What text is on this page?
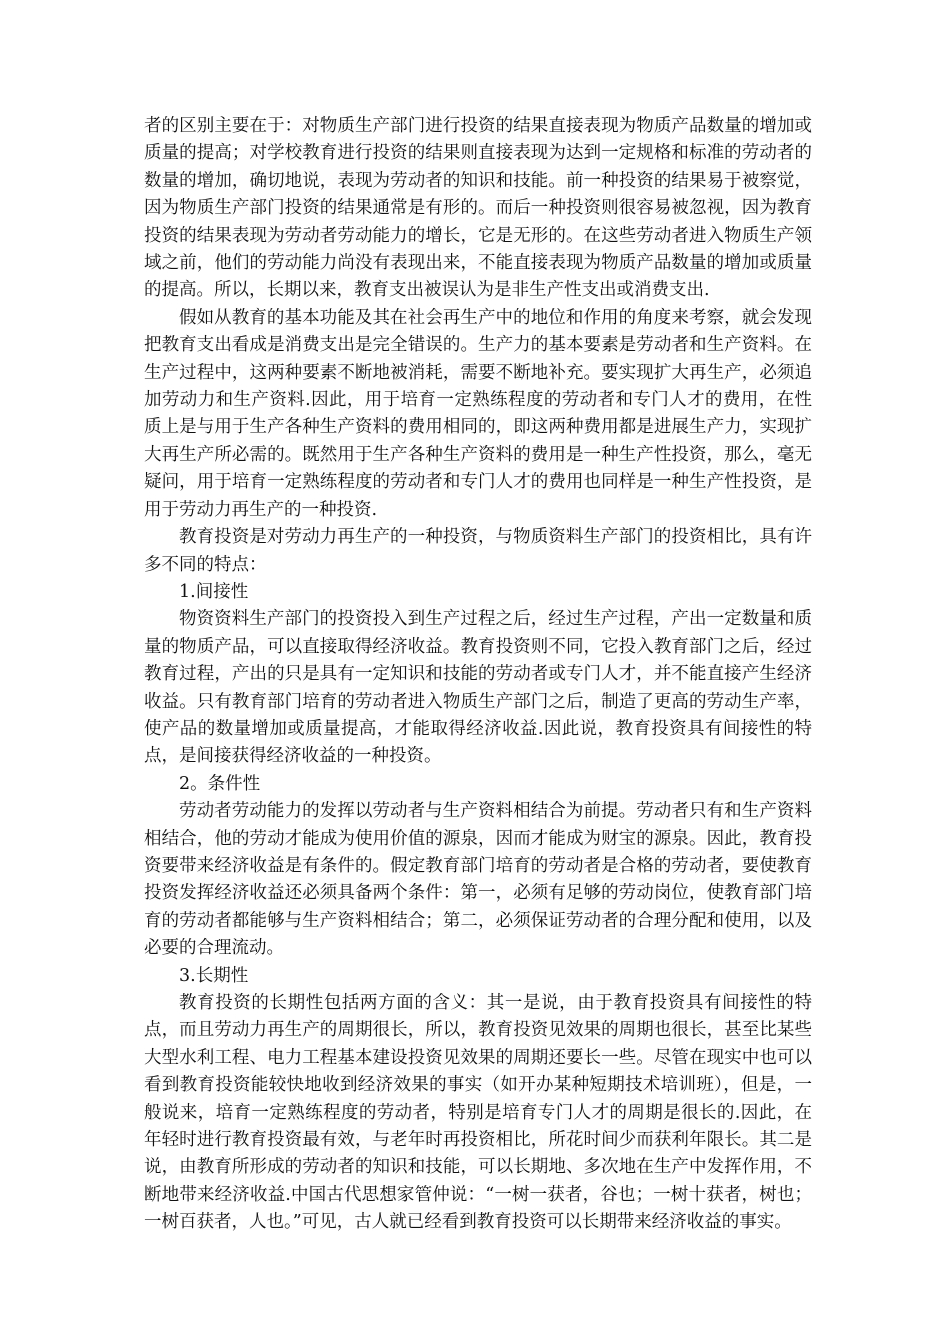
者的区别主要在于：对物质生产部门进行投资的结果直接表现为物质产品数量的增加或质量的提高；对学校教育进行投资的结果则直接表现为达到一定规格和标准的劳动者的数量的增加，确切地说，表现为劳动者的知识和技能。前一种投资的结果易于被察觉，因为物质生产部门投资的结果通常是有形的。而后一种投资则很容易被忽视，因为教育投资的结果表现为劳动者劳动能力的增长，它是无形的。在这些劳动者进入物质生产领域之前，他们的劳动能力尚没有表现出来，不能直接表现为物质产品数量的增加或质量的提高。所以，长期以来，教育支出被误认为是非生产性支出或消费支出.

假如从教育的基本功能及其在社会再生产中的地位和作用的角度来考察，就会发现把教育支出看成是消费支出是完全错误的。生产力的基本要素是劳动者和生产资料。在生产过程中，这两种要素不断地被消耗，需要不断地补充。要实现扩大再生产，必须追加劳动力和生产资料.因此，用于培育一定熟练程度的劳动者和专门人才的费用，在性质上是与用于生产各种生产资料的费用相同的，即这两种费用都是进展生产力，实现扩大再生产所必需的。既然用于生产各种生产资料的费用是一种生产性投资，那么，毫无疑问，用于培育一定熟练程度的劳动者和专门人才的费用也同样是一种生产性投资，是用于劳动力再生产的一种投资.

教育投资是对劳动力再生产的一种投资，与物质资料生产部门的投资相比，具有许多不同的特点：

1.间接性

物资资料生产部门的投资投入到生产过程之后，经过生产过程，产出一定数量和质量的物质产品，可以直接取得经济收益。教育投资则不同，它投入教育部门之后，经过教育过程，产出的只是具有一定知识和技能的劳动者或专门人才，并不能直接产生经济收益。只有教育部门培育的劳动者进入物质生产部门之后，制造了更高的劳动生产率，使产品的数量增加或质量提高，才能取得经济收益.因此说，教育投资具有间接性的特点，是间接获得经济收益的一种投资。

2。条件性

劳动者劳动能力的发挥以劳动者与生产资料相结合为前提。劳动者只有和生产资料相结合，他的劳动才能成为使用价值的源泉，因而才能成为财宝的源泉。因此，教育投资要带来经济收益是有条件的。假定教育部门培育的劳动者是合格的劳动者，要使教育投资发挥经济收益还必须具备两个条件：第一，必须有足够的劳动岗位，使教育部门培育的劳动者都能够与生产资料相结合；第二，必须保证劳动者的合理分配和使用，以及必要的合理流动。

3.长期性

教育投资的长期性包括两方面的含义：其一是说，由于教育投资具有间接性的特点，而且劳动力再生产的周期很长，所以，教育投资见效果的周期也很长，甚至比某些大型水利工程、电力工程基本建设投资见效果的周期还要长一些。尽管在现实中也可以看到教育投资能较快地收到经济效果的事实（如开办某种短期技术培训班），但是，一般说来，培育一定熟练程度的劳动者，特别是培育专门人才的周期是很长的.因此，在年轻时进行教育投资最有效，与老年时再投资相比，所花时间少而获利年限长。其二是说，由教育所形成的劳动者的知识和技能，可以长期地、多次地在生产中发挥作用，不断地带来经济收益.中国古代思想家管仲说：“一树一获者，谷也；一树十获者，树也；一树百获者，人也。”可见，古人就已经看到教育投资可以长期带来经济收益的事实。
